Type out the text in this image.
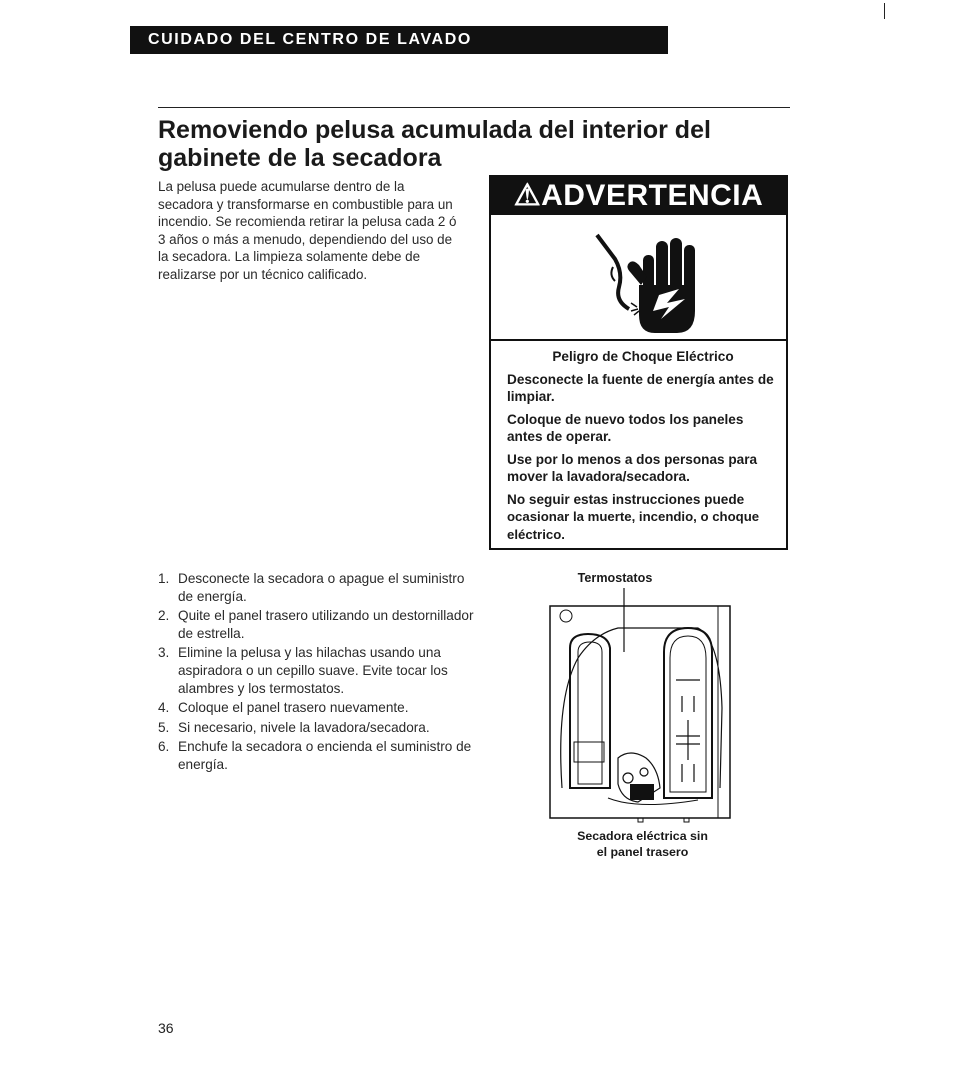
CUIDADO DEL CENTRO DE LAVADO
Removiendo pelusa acumulada del interior del gabinete de la secadora
La pelusa puede acumularse dentro de la secadora y transformarse en combustible para un incendio. Se recomienda retirar la pelusa cada 2 ó 3 años o más a menudo, dependiendo del uso de la secadora. La limpieza solamente debe de realizarse por un técnico calificado.
⚠ADVERTENCIA

Peligro de Choque Eléctrico

Desconecte la fuente de energía antes de limpiar.

Coloque de nuevo todos los paneles antes de operar.

Use por lo menos a dos personas para mover la lavadora/secadora.

No seguir estas instrucciones puede
ocasionar la muerte, incendio, o choque eléctrico.

1. Desconecte la secadora o apague el suministro de energía.
2. Quite el panel trasero utilizando un destornillador de estrella.
3. Elimine la pelusa y las hilachas usando una aspiradora o un cepillo suave. Evite tocar los alambres y los termostatos.
4. Coloque el panel trasero nuevamente.
5. Si necesario, nivele la lavadora/secadora.
6. Enchufe la secadora o encienda el suministro de energía.
Termostatos
Secadora eléctrica sin
el panel trasero
36
